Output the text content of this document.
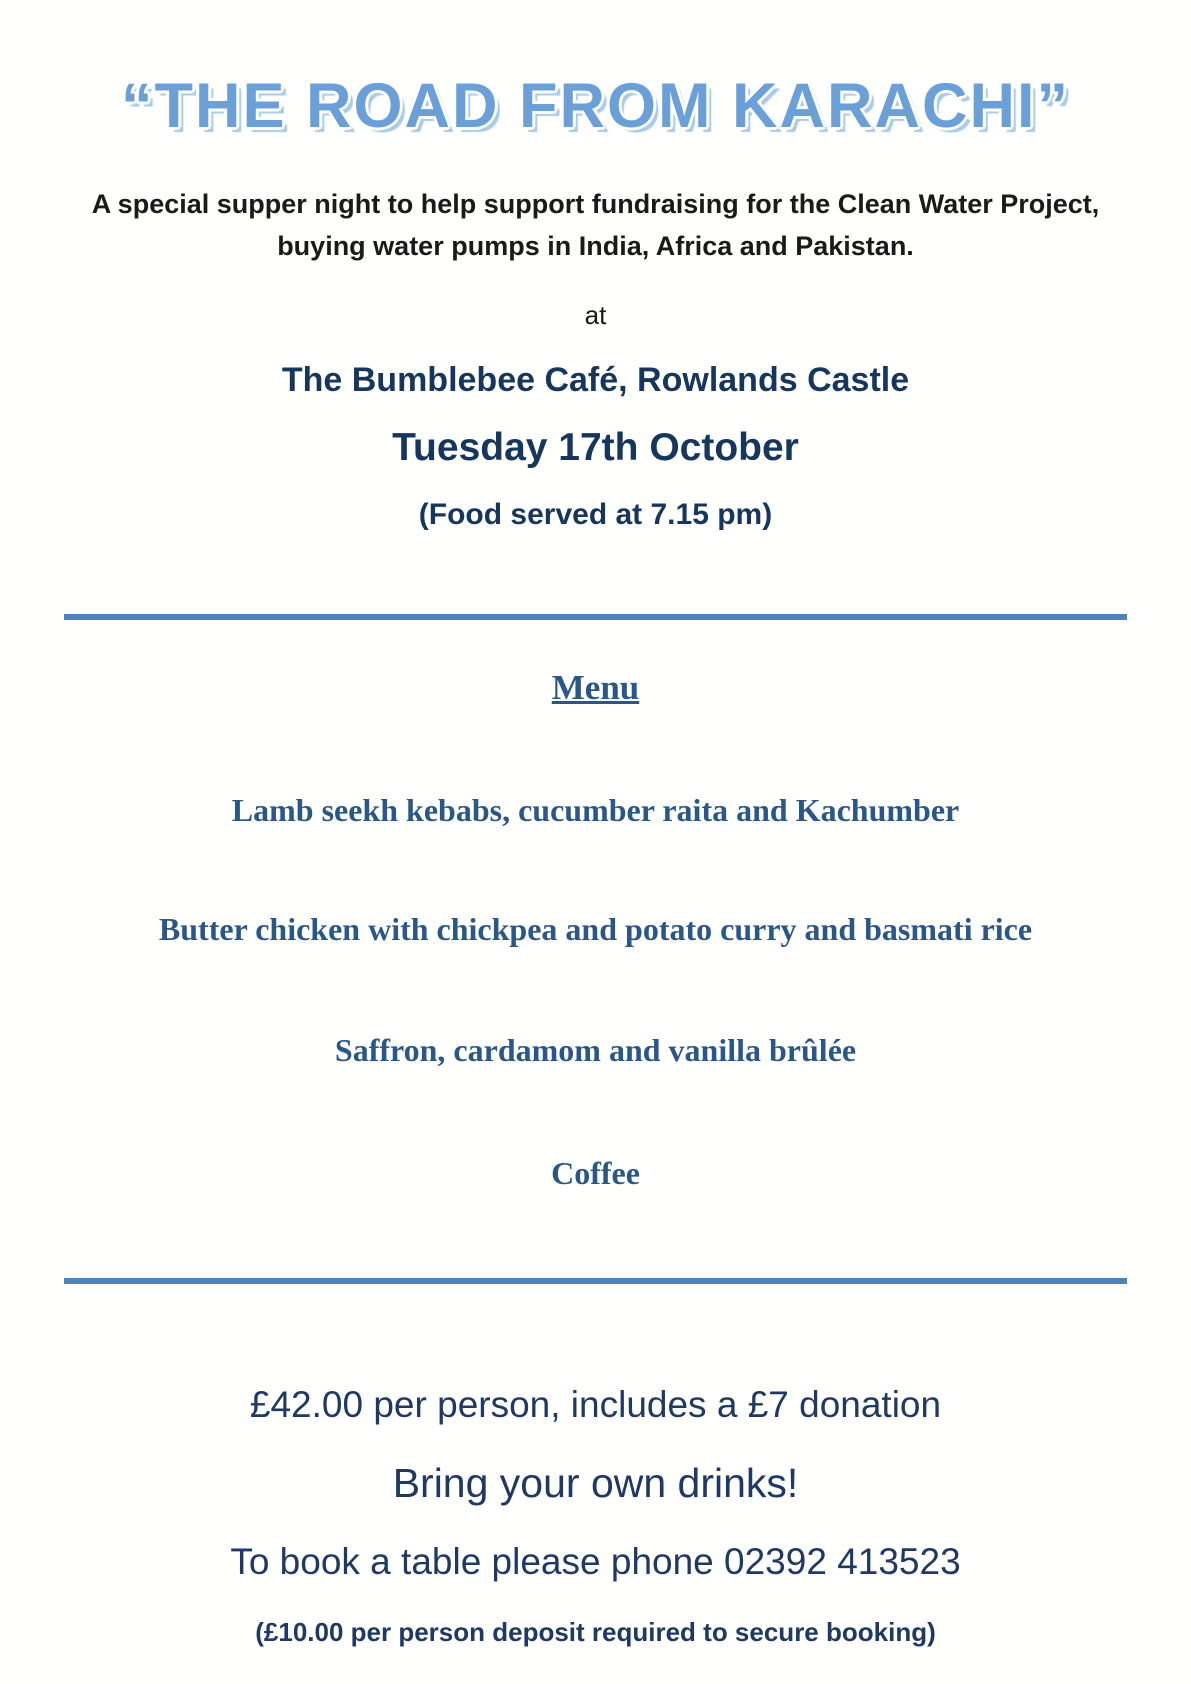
“THE ROAD FROM KARACHI”
A special supper night to help support fundraising for the Clean Water Project,
buying water pumps in India, Africa and Pakistan.
at
The Bumblebee Café, Rowlands Castle
Tuesday 17th October
(Food served at 7.15 pm)
Menu
Lamb seekh kebabs, cucumber raita and Kachumber
Butter chicken with chickpea and potato curry and basmati rice
Saffron, cardamom and vanilla brûlée
Coffee
£42.00 per person, includes a £7 donation
Bring your own drinks!
To book a table please phone 02392 413523
(£10.00 per person deposit required to secure booking)
